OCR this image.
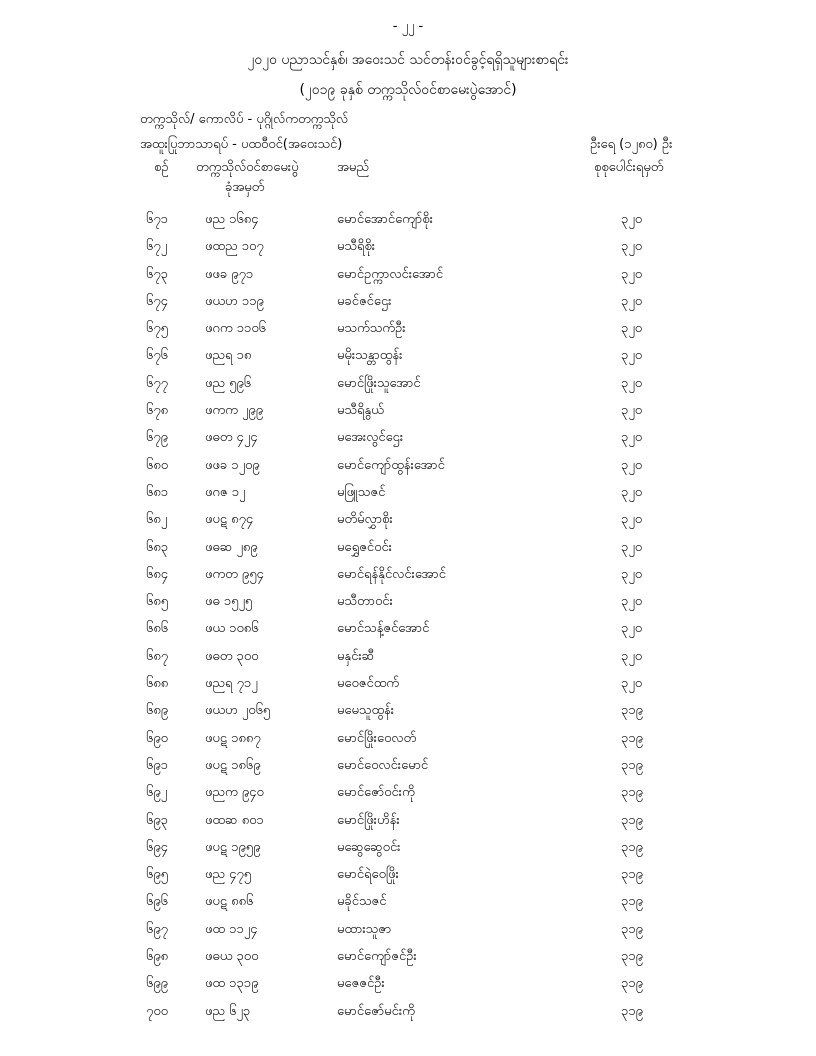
- ၂၂ -
၂၀၂၀ ပညာသင်နှစ်၊ အဝေးသင် သင်တန်းဝင်ခွင့်ရရှိသူများစာရင်း
(၂၀၁၉ ခုနှစ် တက္ကသိုလ်ဝင်စာမေးပွဲအောင်)
တက္ကသိုလ်/ ကောလိပ် - ပုဂ္ဂိုလ်ကတက္ကသိုလ်
အထူးပြုဘာသာရပ် - ပထဝီဝင်(အဝေးသင်)	ဦးရေ (၁၂၈၀) ဦး
စဉ် တက္ကသိုလ်ဝင်စာမေးပွဲ
ခုံအမှတ်
အမည်	စုစုပေါင်းရမှတ်
၆၇၁	ဖည ၁၆၈၄	မောင်အောင်ကျော်စိုး	၃၂၀
၆၇၂	ဖထည ၁၀၇	မသီရိစိုး	၃၂၀
၆၇၃	ဖဖခ ၉၇၁	မောင်ဥက္ကာလင်းအောင်	၃၂၀
၆၇၄	ဖယဟ ၁၁၉	မခင်ဇင်ဌေး	၃၂၀
၆၇၅	ဖဂက ၁၁၀၆	မသက်သက်ဦး	၃၂၀
၆၇၆	ဖညရ ၁၈	မမိုးသန္တာထွန်း	၃၂၀
၆၇၇	ဖည ၅၉၆	မောင်ဖြိုးသူအောင်	၃၂၀
၆၇၈	ဖကက ၂၉၉	မသီရိနွယ်	၃၂၀
၆၇၉	ဖဓတ ၄၂၄	မအေးလွင်ဌေး	၃၂၀
၆၈၀	ဖဖခ ၁၂၀၉	မောင်ကျော်ထွန်းအောင်	၃၂၀
၆၈၁	ဖဂဇ ၁၂	မဖြူသဇင်	၃၂၀
၆၈၂	ဖပဋ ၈၇၄	မတိမ်လွှာစိုး	၃၂၀
၆၈၃	ဖဓဆ ၂၈၉	မရွှေဇင်ဝင်း	၃၂၀
၆၈၄	ဖကတ ၉၅၄	မောင်ရန်နိုင်လင်းအောင်	၃၂၀
၆၈၅	ဖဓ ၁၅၂၅	မသီတာဝင်း	၃၂၀
၆၈၆	ဖယ ၁၀၈၆	မောင်သန့်ဇင်အောင်	၃၂၀
၆၈၇	ဖဓတ ၃၀၀	မနှင်းဆီ	၃၂၀
၆၈၈	ဖညရ ၇၁၂	မဝေဇင်ထက်	၃၂၀
၆၈၉	ဖယဟ ၂၀၆၅	မမေသူထွန်း	၃၁၉
၆၉၀	ဖပဋ ၁၈၈၇	မောင်ဖြိုးဝေလတ်	၃၁၉
၆၉၁	ဖပဋ ၁၈၆၉	မောင်ဝေလင်းမောင်	၃၁၉
၆၉၂	ဖညက ၉၄၀	မောင်ဇော်ဝင်းကို	၃၁၉
၆၉၃	ဖထဆ ၈၀၁	မောင်ဖြိုးဟိန်း	၃၁၉
၆၉၄	ဖပဋ ၁၉၅၉	မဆွေဆွေဝင်း	၃၁၉
၆၉၅	ဖည ၄၇၅	မောင်ရဲဝေဖြိုး	၃၁၉
၆၉၆	ဖပဋ ၈၈၆	မခိုင်သဇင်	၃၁၉
၆၉၇	ဖထ ၁၁၂၄	မထားသူဇာ	၃၁၉
၆၉၈	ဖဓယ ၃၀၀	မောင်ကျော်ဇင်ဦး	၃၁၉
၆၉၉	ဖထ ၁၃၁၉	မဇေဇင်ဦး	၃၁၉
၇၀၀	ဖည ၆၂၃	မောင်ဇော်မင်းကို	၃၁၉
